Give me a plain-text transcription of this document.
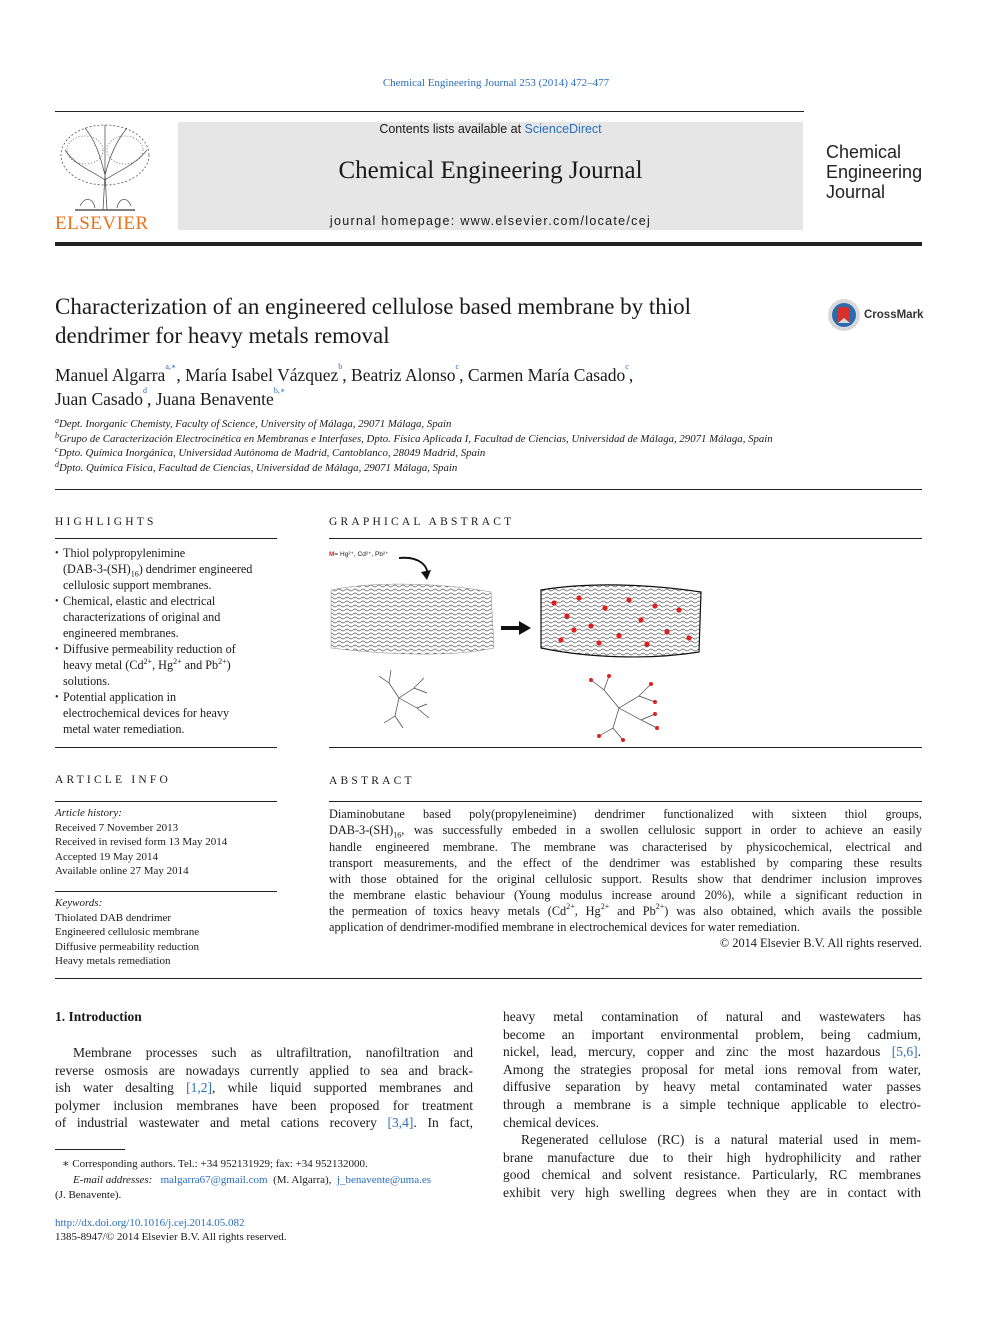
Chemical Engineering Journal 253 (2014) 472–477
ELSEVIER
Contents lists available at ScienceDirect
Chemical Engineering Journal
journal homepage: www.elsevier.com/locate/cej
Chemical
Engineering
Journal
Characterization of an engineered cellulose based membrane by thiol
dendrimer for heavy metals removal
CrossMark
Manuel Algarra$^{a,∗}$, María Isabel Vázquez$^b$, Beatriz Alonso$^c$, Carmen María Casado$^c$,
Juan Casado$^d$, Juana Benavente$^{b,∗}$
$^a$Dept. Inorganic Chemisty, Faculty of Science, University of Málaga, 29071 Málaga, Spain
$^b$Grupo de Caracterización Electrocinética en Membranas e Interfases, Dpto. Física Aplicada I, Facultad de Ciencias, Universidad de Málaga, 29071 Málaga, Spain
$^c$Dpto. Química Inorgánica, Universidad Autónoma de Madrid, Cantoblanco, 28049 Madrid, Spain
$^d$Dpto. Química Física, Facultad de Ciencias, Universidad de Málaga, 29071 Málaga, Spain
HIGHLIGHTS
• Thiol polypropylenimine
$(DAB-3-(SH)_{16})$ dendrimer engineered
cellulosic support membranes.
• Chemical, elastic and electrical
characterizations of original and
engineered membranes.
• Diffusive permeability reduction of
heavy metal ($Cd^{2+}$, $Hg^{2+}$ and $Pb^{2+}$)
solutions.
• Potential application in
electrochemical devices for heavy
metal water remediation.
GRAPHICAL ABSTRACT
M= Hg²⁺, Cd²⁺, Pb²⁺
ARTICLE INFO
Article history:
Received 7 November 2013
Received in revised form 13 May 2014
Accepted 19 May 2014
Available online 27 May 2014
Keywords:
Thiolated DAB dendrimer
Engineered cellulosic membrane
Diffusive permeability reduction
Heavy metals remediation
ABSTRACT
Diaminobutane based poly(propyleneimine) dendrimer functionalized with sixteen thiol groups,
DAB-$3-(SH)_{16}$, was successfully embeded in a swollen cellulosic support in order to achieve an easily
handle engineered membrane. The membrane was characterised by physicochemical, electrical and
transport measurements, and the effect of the dendrimer was established by comparing these results
with those obtained for the original cellulosic support. Results show that dendrimer inclusion improves
the membrane elastic behaviour (Young modulus increase around 20%), while a significant reduction in
the permeation of toxics heavy metals ($Cd^{2+}$, $Hg^{2+}$ and $Pb^{2+}$) was also obtained, which avails the possible
application of dendrimer-modified membrane in electrochemical devices for water remediation.
© 2014 Elsevier B.V. All rights reserved.
1. Introduction
Membrane processes such as ultrafiltration, nanofiltration and
reverse osmosis are nowadays currently applied to sea and brack-
ish water desalting [1,2], while liquid supported membranes and
polymer inclusion membranes have been proposed for treatment
of industrial wastewater and metal cations recovery [3,4]. In fact,
∗ Corresponding authors. Tel.: +34 952131929; fax: +34 952132000.
E-mail addresses: malgarra67@gmail.com (M. Algarra), j_benavente@uma.es
(J. Benavente).
http://dx.doi.org/10.1016/j.cej.2014.05.082
1385-8947/© 2014 Elsevier B.V. All rights reserved.
heavy metal contamination of natural and wastewaters has
become an important environmental problem, being cadmium,
nickel, lead, mercury, copper and zinc the most hazardous [5,6].
Among the strategies proposal for metal ions removal from water,
diffusive separation by heavy metal contaminated water passes
through a membrane is a simple technique applicable to electro-
chemical devices.
Regenerated cellulose (RC) is a natural material used in mem-
brane manufacture due to their high hydrophilicity and rather
good chemical and solvent resistance. Particularly, RC membranes
exhibit very high swelling degrees when they are in contact with
